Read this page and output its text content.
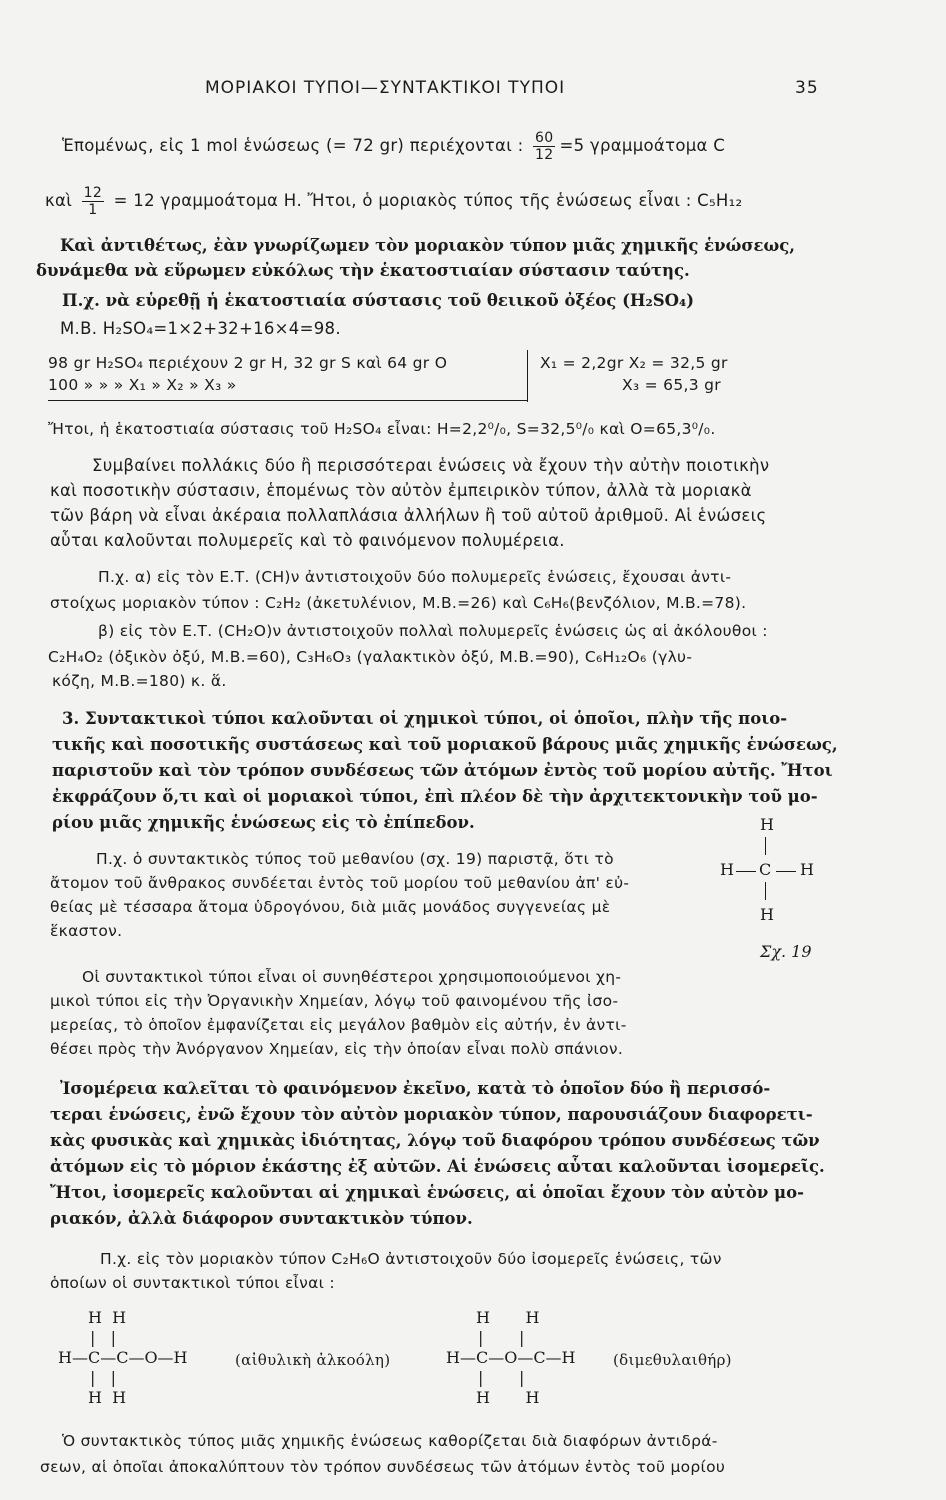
ΜΟΡΙΑΚΟΙ ΤΥΠΟΙ—ΣΥΝΤΑΚΤΙΚΟΙ ΤΥΠΟΙ	35
Ἑπομένως, εἰς 1 mol ἑνώσεως (= 72 gr) περιέχονται : $\frac{60}{12} =5$ γραμμοάτομα C
καὶ $\frac{12}{1} = 12$ γραμμοάτομα Η. Ἤτοι, ὁ μοριακὸς τύπος τῆς ἑνώσεως εἶναι : C₅H₁₂
Καὶ ἀντιθέτως, ἐὰν γνωρίζωμεν τὸν μοριακὸν τύπον μιᾶς χημικῆς ἑνώσεως,
δυνάμεθα νὰ εὕρωμεν εὐκόλως τὴν ἑκατοστιαίαν σύστασιν ταύτης.
Π.χ. νὰ εὑρεθῇ ἡ ἑκατοστιαία σύστασις τοῦ θειικοῦ ὀξέος (H₂SO₄)
Μ.Β. H₂SO₄=1×2+32+16×4=98.
98 gr H₂SO₄ περιέχουν 2 gr H, 32 gr S καὶ 64 gr O
100 » » » X₁ » X₂ » X₃ »
X₁ = 2,2gr X₂ = 32,5 gr
X₃ = 65,3 gr
Ἤτοι, ἡ ἑκατοστιαία σύστασις τοῦ H₂SO₄ εἶναι: H=2,2⁰/₀, S=32,5⁰/₀ καὶ O=65,3⁰/₀.
Συμβαίνει πολλάκις δύο ἢ περισσότεραι ἑνώσεις νὰ ἔχουν τὴν αὐτὴν ποιοτικὴν
καὶ ποσοτικὴν σύστασιν, ἑπομένως τὸν αὐτὸν ἐμπειρικὸν τύπον, ἀλλὰ τὰ μοριακὰ
τῶν βάρη νὰ εἶναι ἀκέραια πολλαπλάσια ἀλλήλων ἢ τοῦ αὐτοῦ ἀριθμοῦ. Αἱ ἑνώσεις
αὗται καλοῦνται πολυμερεῖς καὶ τὸ φαινόμενον πολυμέρεια.
Π.χ. α) εἰς τὸν Ε.Τ. (CH)ν ἀντιστοιχοῦν δύο πολυμερεῖς ἑνώσεις, ἔχουσαι ἀντι-
στοίχως μοριακὸν τύπον : C₂H₂ (ἀκετυλένιον, Μ.Β.=26) καὶ C₆H₆(βενζόλιον, Μ.Β.=78).
β) εἰς τὸν Ε.Τ. (CH₂O)ν ἀντιστοιχοῦν πολλαὶ πολυμερεῖς ἑνώσεις ὡς αἱ ἀκόλουθοι :
C₂H₄O₂ (ὀξικὸν ὀξύ, Μ.Β.=60), C₃H₆O₃ (γαλακτικὸν ὀξύ, Μ.Β.=90), C₆H₁₂O₆ (γλυ-
κόζη, Μ.Β.=180) κ. ἅ.
3. Συντακτικοὶ τύποι καλοῦνται οἱ χημικοὶ τύποι, οἱ ὁποῖοι, πλὴν τῆς ποιο-
τικῆς καὶ ποσοτικῆς συστάσεως καὶ τοῦ μοριακοῦ βάρους μιᾶς χημικῆς ἑνώσεως,
παριστοῦν καὶ τὸν τρόπον συνδέσεως τῶν ἀτόμων ἐντὸς τοῦ μορίου αὐτῆς. Ἤτοι
ἐκφράζουν ὅ,τι καὶ οἱ μοριακοὶ τύποι, ἐπὶ πλέον δὲ τὴν ἀρχιτεκτονικὴν τοῦ μο-
ρίου μιᾶς χημικῆς ἑνώσεως εἰς τὸ ἐπίπεδον.
Π.χ. ὁ συντακτικὸς τύπος τοῦ μεθανίου (σχ. 19) παριστᾷ, ὅτι τὸ
ἄτομον τοῦ ἄνθρακος συνδέεται ἐντὸς τοῦ μορίου τοῦ μεθανίου ἀπ' εὐ-
θείας μὲ τέσσαρα ἄτομα ὑδρογόνου, διὰ μιᾶς μονάδος συγγενείας μὲ
ἕκαστον.
H
H C H
H
Σχ. 19
Οἱ συντακτικοὶ τύποι εἶναι οἱ συνηθέστεροι χρησιμοποιούμενοι χη-
μικοὶ τύποι εἰς τὴν Ὀργανικὴν Χημείαν, λόγῳ τοῦ φαινομένου τῆς ἰσο-
μερείας, τὸ ὁποῖον ἐμφανίζεται εἰς μεγάλον βαθμὸν εἰς αὐτήν, ἐν ἀντι-
θέσει πρὸς τὴν Ἀνόργανον Χημείαν, εἰς τὴν ὁποίαν εἶναι πολὺ σπάνιον.
Ἰσομέρεια καλεῖται τὸ φαινόμενον ἐκεῖνο, κατὰ τὸ ὁποῖον δύο ἢ περισσό-
τεραι ἑνώσεις, ἐνῶ ἔχουν τὸν αὐτὸν μοριακὸν τύπον, παρουσιάζουν διαφορετι-
κὰς φυσικὰς καὶ χημικὰς ἰδιότητας, λόγῳ τοῦ διαφόρου τρόπου συνδέσεως τῶν
ἀτόμων εἰς τὸ μόριον ἑκάστης ἐξ αὐτῶν. Αἱ ἑνώσεις αὗται καλοῦνται ἰσομερεῖς.
Ἤτοι, ἰσομερεῖς καλοῦνται αἱ χημικαὶ ἑνώσεις, αἱ ὁποῖαι ἔχουν τὸν αὐτὸν μο-
ριακόν, ἀλλὰ διάφορον συντακτικὸν τύπον.
Π.χ. εἰς τὸν μοριακὸν τύπον C₂H₆O ἀντιστοιχοῦν δύο ἰσομερεῖς ἑνώσεις, τῶν
ὁποίων οἱ συντακτικοὶ τύποι εἶναι :
H  H
|   |
H—C—C—O—H
|   |
H  H
(αἰθυλικὴ ἀλκοόλη)
H       H
|       |
H—C—O—C—H
|       |
H       H
(διμεθυλαιθήρ)
Ὁ συντακτικὸς τύπος μιᾶς χημικῆς ἑνώσεως καθορίζεται διὰ διαφόρων ἀντιδρά-
σεων, αἱ ὁποῖαι ἀποκαλύπτουν τὸν τρόπον συνδέσεως τῶν ἀτόμων ἐντὸς τοῦ μορίου
